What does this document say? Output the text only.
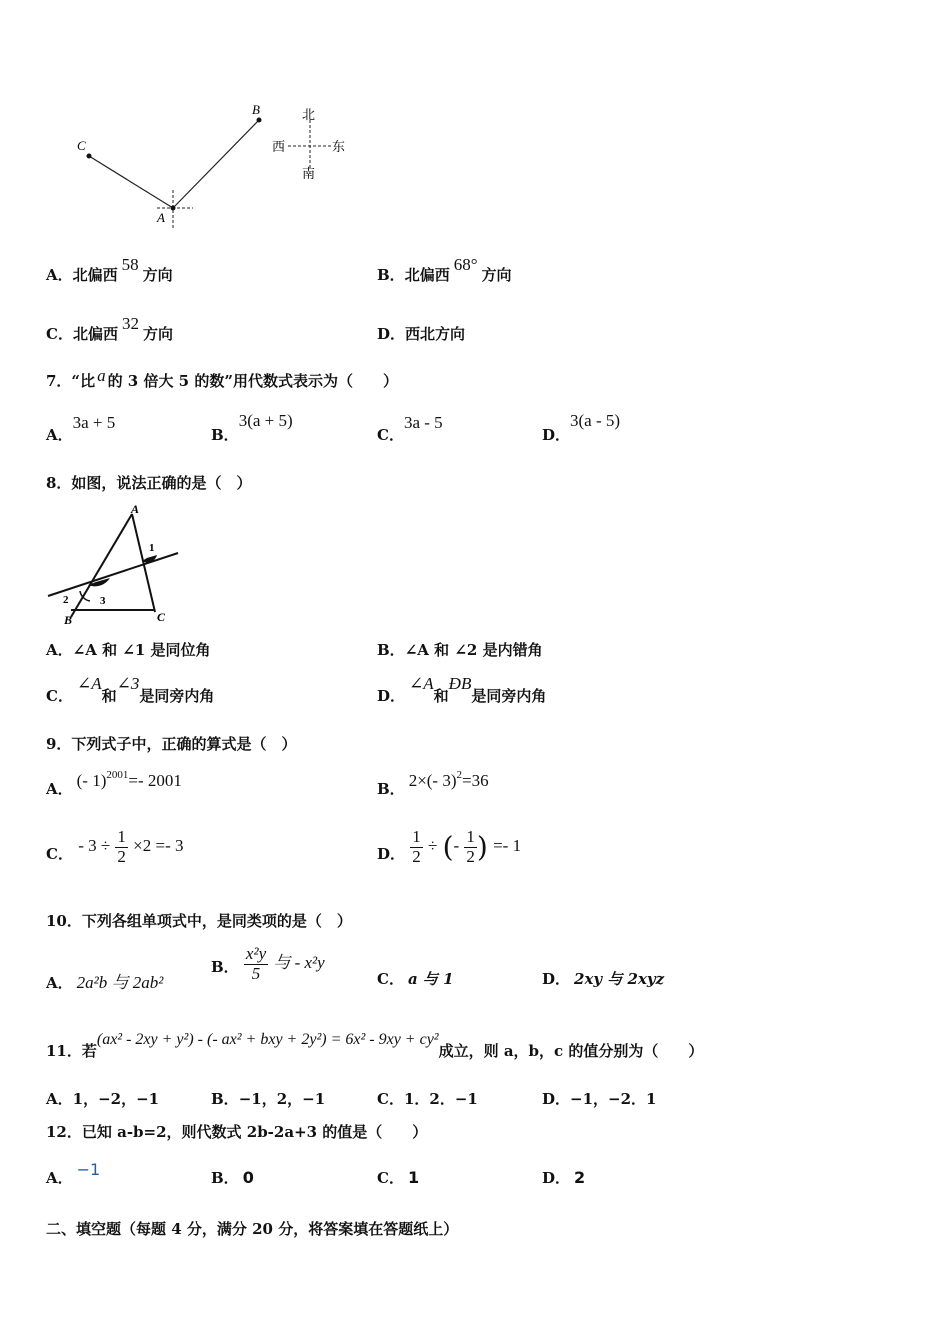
C
B
A
北
南
西	东
A．北偏西58方向	B．北偏西68°方向
C．北偏西32方向	D．西北方向
7．“比 a 的 3 倍大 5 的数”用代数式表示为（　　）
A．3a + 5
B．3(a + 5)
C．3a - 5
D．3(a - 5)
8．如图，说法正确的是（　）
A
B	C
1
2	3
A．∠A 和 ∠1 是同位角	B．∠A 和 ∠2 是内错角
C．∠A和∠3是同旁内角	D．∠A和ÐB是同旁内角
9．下列式子中，正确的算式是（　）
A． (- 1)$^{2001}$=- 2001	B． 2×(- 3)$^2$=36
C． - $3 \div \frac{1}{2} \times 2 =- 3$	D． $\frac{1}{2}$ ÷ (- $\frac{1}{2}$ ) =- 1
10．下列各组单项式中，是同类项的是（　）
A． 2a²b 与 2ab²
B． $\frac{\text{x²y}}{5}$ 与 - x²y
C． a 与 1	D． 2xy 与 2xyz
11．若(ax² - 2xy + y²) - (- ax² + bxy + 2y²) = 6x² - 9xy + cy²成立，则 a，b，c 的值分别为（　　）
A．1，−2，−1	B．−1，2，−1	C．1．2．−1	D．−1，−2．1
12．已知 a-b=2，则代数式 2b-2a+3 的值是（　　）
A． −1	B． 0	C． 1	D． 2
二、填空题（每题 4 分，满分 20 分，将答案填在答题纸上）
